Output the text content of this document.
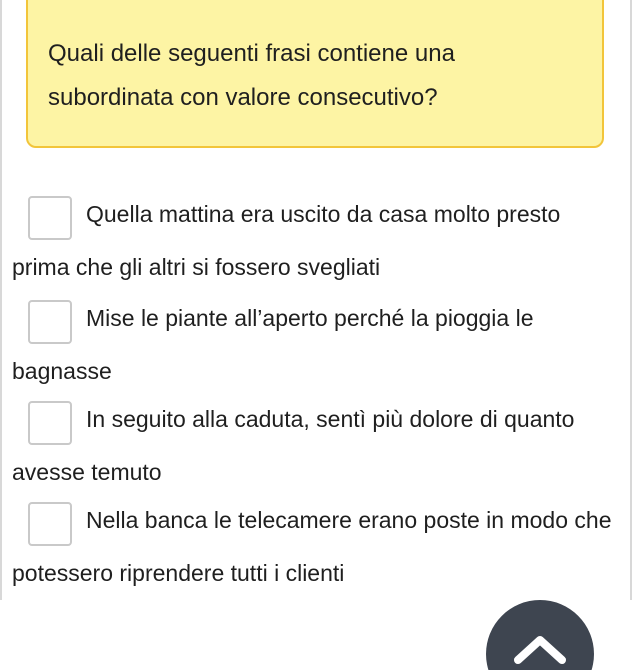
Quali delle seguenti frasi contiene una subordinata con valore consecutivo?

Quella mattina era uscito da casa molto presto prima che gli altri si fossero svegliati

Mise le piante all’aperto perché la pioggia le bagnasse

In seguito alla caduta, sentì più dolore di quanto avesse temuto

Nella banca le telecamere erano poste in modo che potessero riprendere tutti i clienti
